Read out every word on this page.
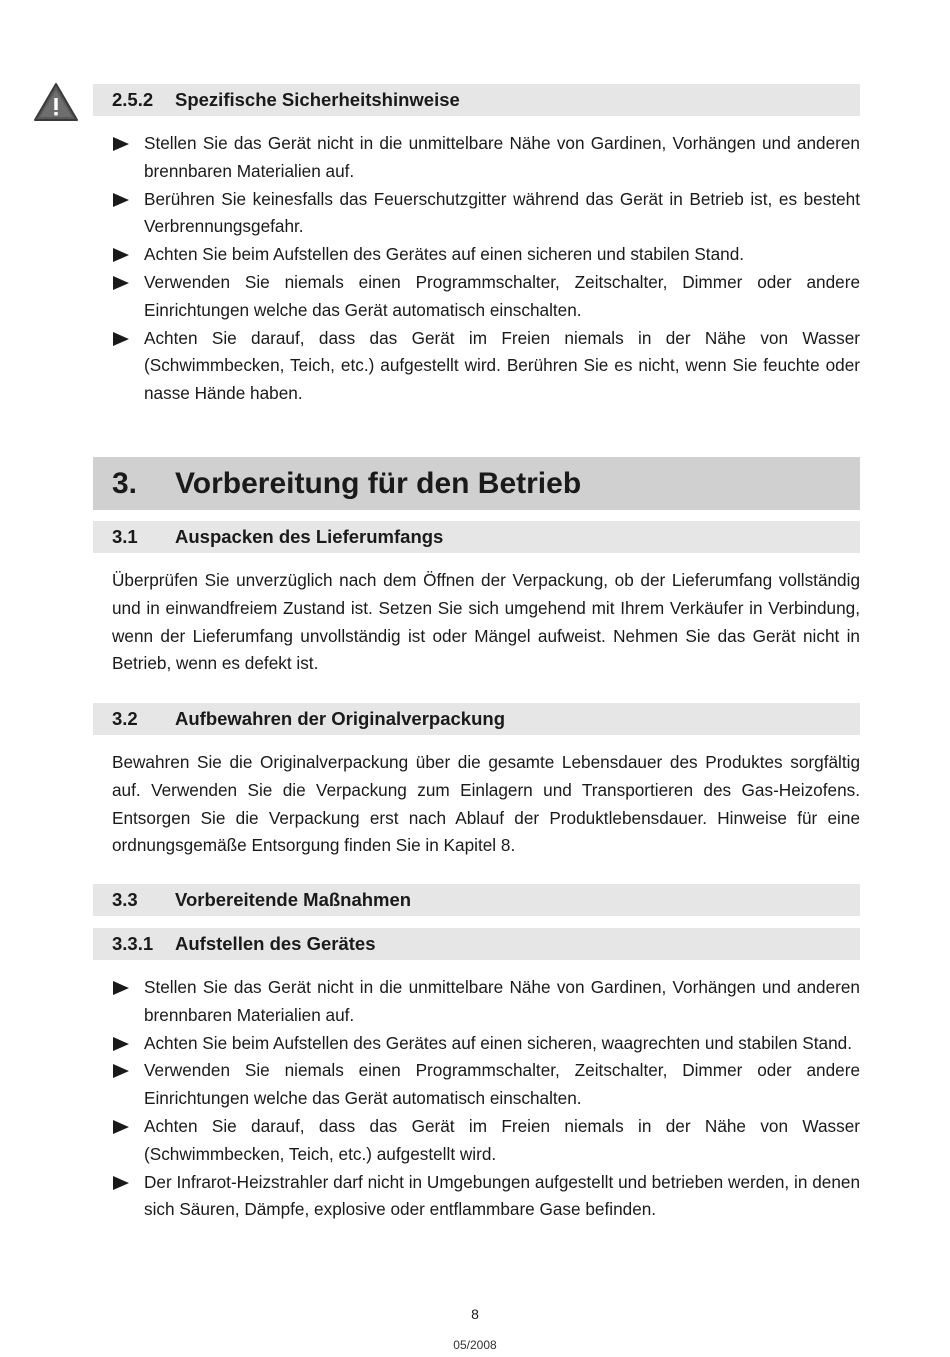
2.5.2	Spezifische Sicherheitshinweise
Stellen Sie das Gerät nicht in die unmittelbare Nähe von Gardinen, Vorhängen und anderen brennbaren Materialien auf.
Berühren Sie keinesfalls das Feuerschutzgitter während das Gerät in Betrieb ist, es besteht Verbrennungsgefahr.
Achten Sie beim Aufstellen des Gerätes auf einen sicheren und stabilen Stand.
Verwenden Sie niemals einen Programmschalter, Zeitschalter, Dimmer oder andere Einrichtungen welche das Gerät automatisch einschalten.
Achten Sie darauf, dass das Gerät im Freien niemals in der Nähe von Wasser (Schwimmbecken, Teich, etc.) aufgestellt wird. Berühren Sie es nicht, wenn Sie feuchte oder nasse Hände haben.
3.	Vorbereitung für den Betrieb
3.1	Auspacken des Lieferumfangs

Überprüfen Sie unverzüglich nach dem Öffnen der Verpackung, ob der Lieferumfang vollständig und in einwandfreiem Zustand ist. Setzen Sie sich umgehend mit Ihrem Verkäufer in Verbindung, wenn der Lieferumfang unvollständig ist oder Mängel aufweist. Nehmen Sie das Gerät nicht in Betrieb, wenn es defekt ist.

3.2	Aufbewahren der Originalverpackung

Bewahren Sie die Originalverpackung über die gesamte Lebensdauer des Produktes sorgfältig auf. Verwenden Sie die Verpackung zum Einlagern und Transportieren des Gas-Heizofens. Entsorgen Sie die Verpackung erst nach Ablauf der Produktlebensdauer. Hinweise für eine ordnungsgemäße Entsorgung finden Sie in Kapitel 8.

3.3	Vorbereitende Maßnahmen
3.3.1	Aufstellen des Gerätes
Stellen Sie das Gerät nicht in die unmittelbare Nähe von Gardinen, Vorhängen und anderen brennbaren Materialien auf.
Achten Sie beim Aufstellen des Gerätes auf einen sicheren, waagrechten und stabilen Stand.
Verwenden Sie niemals einen Programmschalter, Zeitschalter, Dimmer oder andere Einrichtungen welche das Gerät automatisch einschalten.
Achten Sie darauf, dass das Gerät im Freien niemals in der Nähe von Wasser (Schwimmbecken, Teich, etc.) aufgestellt wird.
Der Infrarot-Heizstrahler darf nicht in Umgebungen aufgestellt und betrieben werden, in denen sich Säuren, Dämpfe, explosive oder entflammbare Gase befinden.
8
05/2008
